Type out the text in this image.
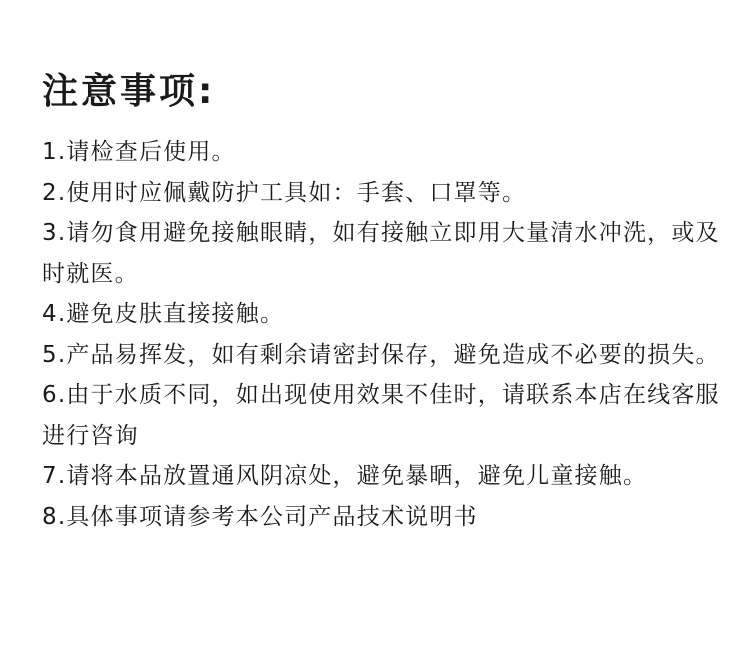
注意事项:
1.请检查后使用。
2.使用时应佩戴防护工具如：手套、口罩等。
3.请勿食用避免接触眼睛，如有接触立即用大量清水冲洗，或及时就医。
4.避免皮肤直接接触。
5.产品易挥发，如有剩余请密封保存，避免造成不必要的损失。
6.由于水质不同，如出现使用效果不佳时，请联系本店在线客服进行咨询
7.请将本品放置通风阴凉处，避免暴晒，避免儿童接触。
8.具体事项请参考本公司产品技术说明书
